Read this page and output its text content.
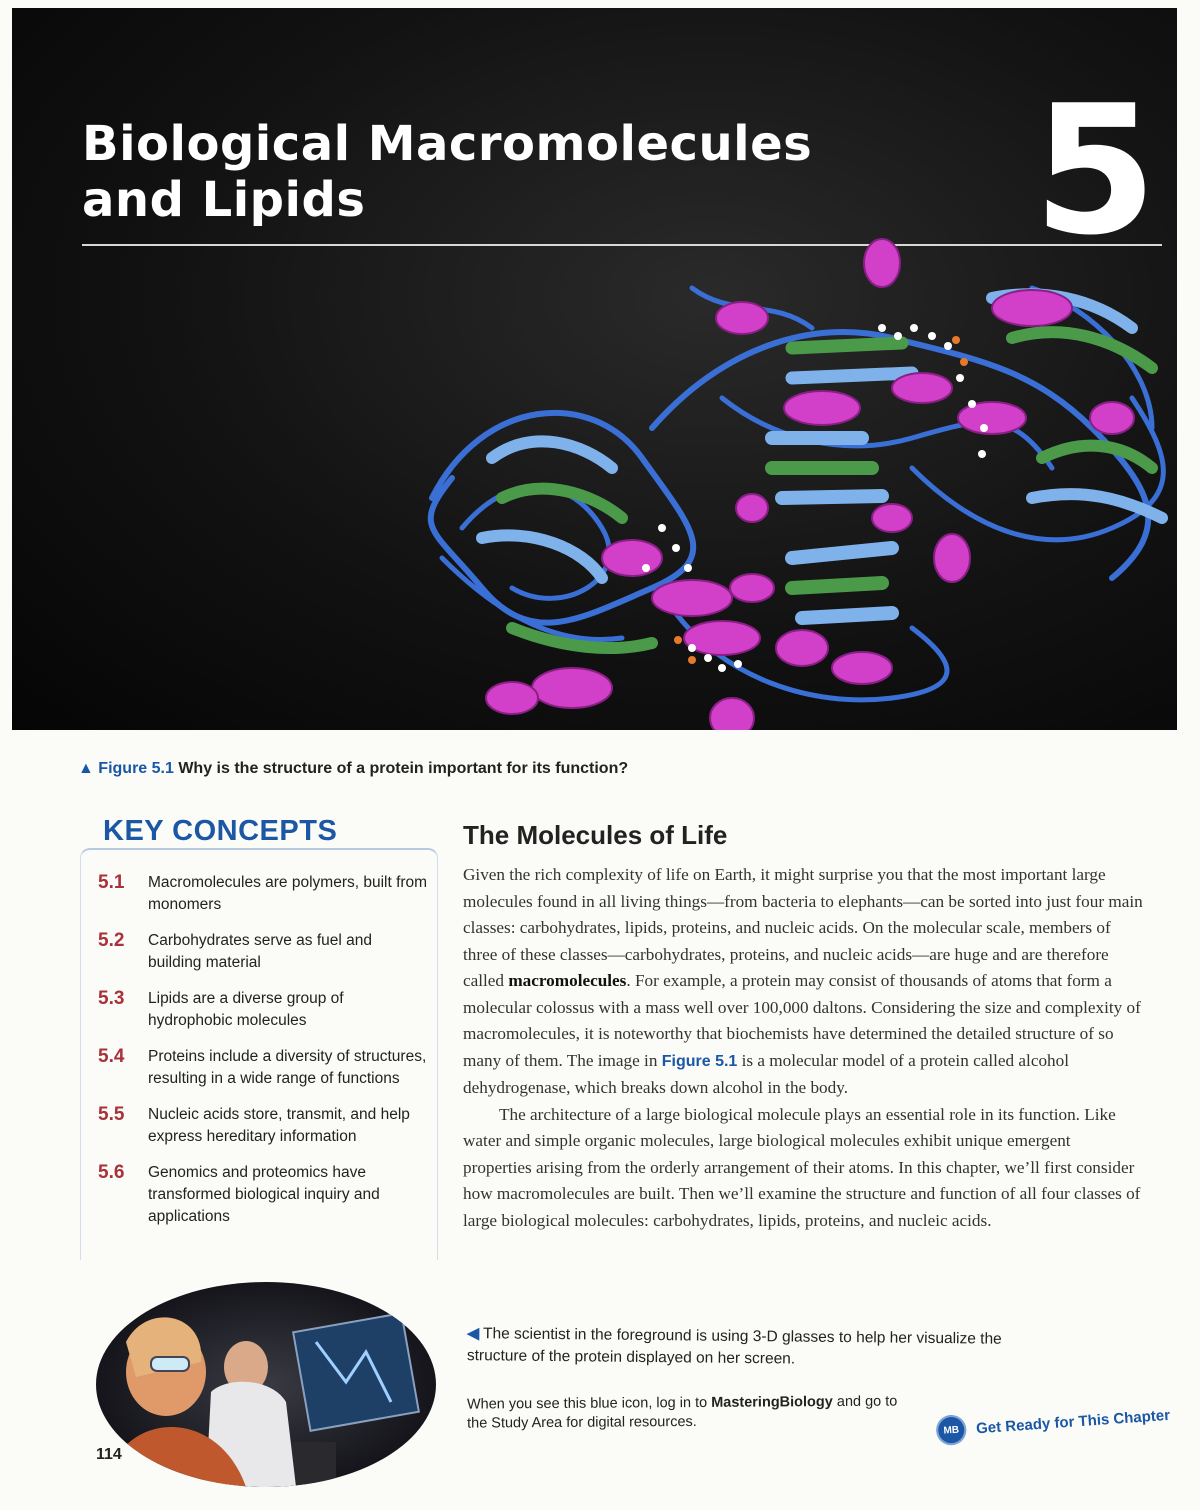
Biological Macromolecules
and Lipids	5
▲ Figure 5.1 Why is the structure of a protein important for its function?
KEY CONCEPTS
5.1	Macromolecules are polymers, built from monomers
5.2	Carbohydrates serve as fuel and building material
5.3	Lipids are a diverse group of hydrophobic molecules
5.4	Proteins include a diversity of structures, resulting in a wide range of functions
5.5	Nucleic acids store, transmit, and help express hereditary information
5.6	Genomics and proteomics have transformed biological inquiry and applications
The Molecules of Life

Given the rich complexity of life on Earth, it might surprise you that the most important large molecules found in all living things—from bacteria to elephants—can be sorted into just four main classes: carbohydrates, lipids, proteins, and nucleic acids. On the molecular scale, members of three of these classes—carbohydrates, proteins, and nucleic acids—are huge and are therefore called macromolecules. For example, a protein may consist of thousands of atoms that form a molecular colossus with a mass well over 100,000 daltons. Considering the size and complexity of macromolecules, it is noteworthy that biochemists have determined the detailed structure of so many of them. The image in Figure 5.1 is a molecular model of a protein called alcohol dehydrogenase, which breaks down alcohol in the body.

The architecture of a large biological molecule plays an essential role in its function. Like water and simple organic molecules, large biological molecules exhibit unique emergent properties arising from the orderly arrangement of their atoms. In this chapter, we’ll first consider how macromolecules are built. Then we’ll examine the structure and function of all four classes of large biological molecules: carbohydrates, lipids, proteins, and nucleic acids.

◀ The scientist in the foreground is using 3-D glasses to help her visualize the structure of the protein displayed on her screen.

When you see this blue icon, log in to MasteringBiology and go to the Study Area for digital resources.	MB	Get Ready for This Chapter
114
